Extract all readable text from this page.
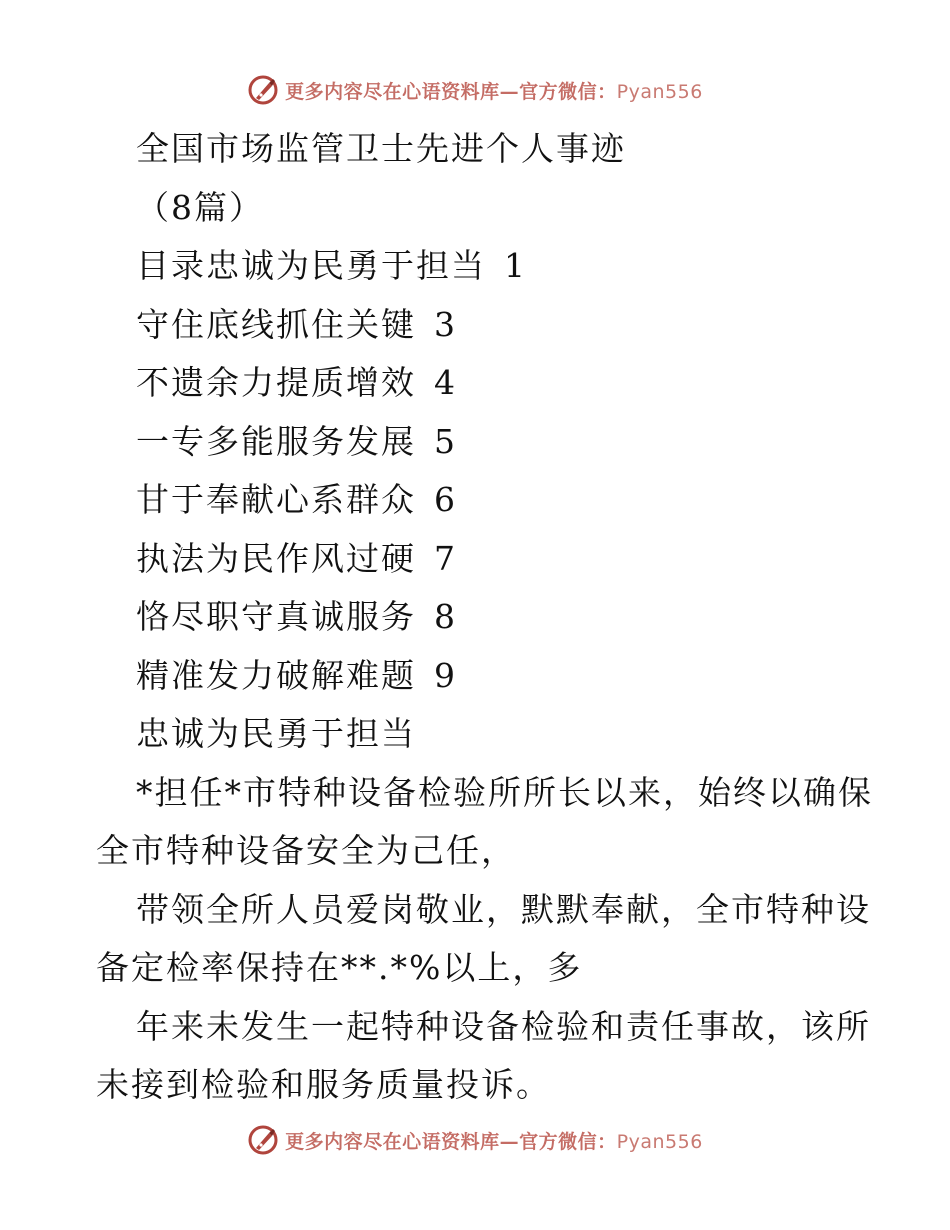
更多内容尽在心语资料库—官方微信：Pyan556
全国市场监管卫士先进个人事迹
（8篇）
目录忠诚为民勇于担当 1
守住底线抓住关键 3
不遗余力提质增效 4
一专多能服务发展 5
甘于奉献心系群众 6
执法为民作风过硬 7
恪尽职守真诚服务 8
精准发力破解难题 9
忠诚为民勇于担当
*担任*市特种设备检验所所长以来，始终以确保
全市特种设备安全为己任，
带领全所人员爱岗敬业，默默奉献，全市特种设
备定检率保持在**.*%以上，多
年来未发生一起特种设备检验和责任事故，该所
未接到检验和服务质量投诉。
更多内容尽在心语资料库—官方微信：Pyan556
